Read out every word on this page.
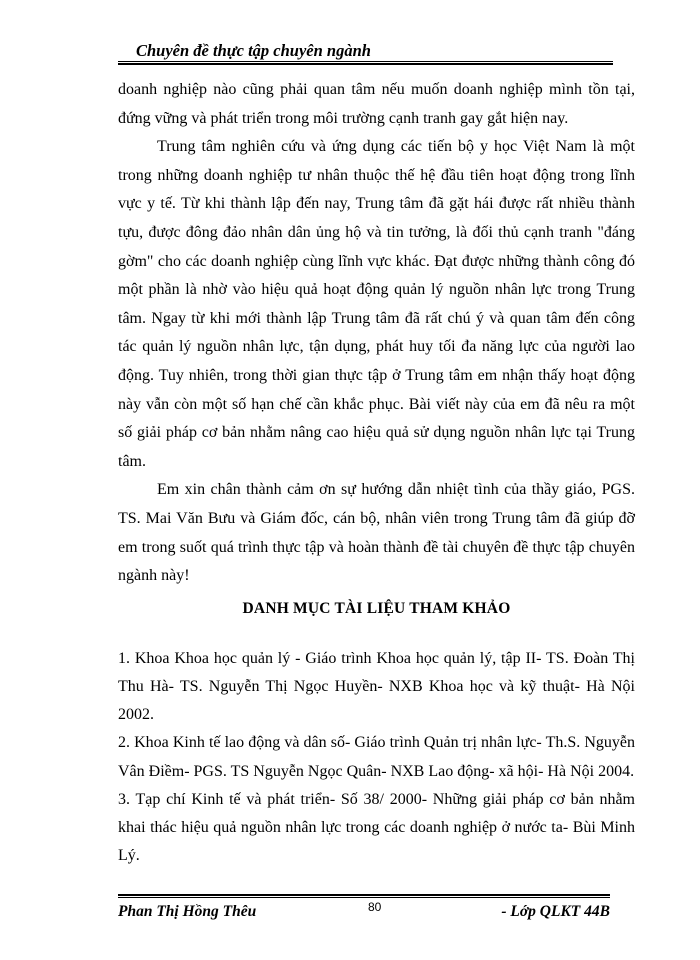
Chuyên đề thực tập chuyên ngành

doanh nghiệp nào cũng phải quan tâm nếu muốn doanh nghiệp mình tồn tại, đứng vững và phát triển trong môi trường cạnh tranh gay gắt hiện nay.

Trung tâm nghiên cứu và ứng dụng các tiến bộ y học Việt Nam là một trong những doanh nghiệp tư nhân thuộc thế hệ đầu tiên hoạt động trong lĩnh vực y tế. Từ khi thành lập đến nay, Trung tâm đã gặt hái được rất nhiều thành tựu, được đông đảo nhân dân ủng hộ và tin tưởng, là đối thủ cạnh tranh "đáng gờm" cho các doanh nghiệp cùng lĩnh vực khác. Đạt được những thành công đó một phần là nhờ vào hiệu quả hoạt động quản lý nguồn nhân lực trong Trung tâm. Ngay từ khi mới thành lập Trung tâm đã rất chú ý và quan tâm đến công tác quản lý nguồn nhân lực, tận dụng, phát huy tối đa năng lực của người lao động. Tuy nhiên, trong thời gian thực tập ở Trung tâm em nhận thấy hoạt động này vẫn còn một số hạn chế cần khắc phục. Bài viết này của em đã nêu ra một số giải pháp cơ bản nhằm nâng cao hiệu quả sử dụng nguồn nhân lực tại Trung tâm.

Em xin chân thành cảm ơn sự hướng dẫn nhiệt tình của thầy giáo, PGS. TS. Mai Văn Bưu và Giám đốc, cán bộ, nhân viên trong Trung tâm đã giúp đỡ em trong suốt quá trình thực tập và hoàn thành đề tài chuyên đề thực tập chuyên ngành này!

DANH MỤC TÀI LIỆU THAM KHẢO

1. Khoa Khoa học quản lý - Giáo trình Khoa học quản lý, tập II- TS. Đoàn Thị Thu Hà- TS. Nguyễn Thị Ngọc Huyền- NXB Khoa học và kỹ thuật- Hà Nội 2002.

2. Khoa Kinh tế lao động và dân số- Giáo trình Quản trị nhân lực- Th.S. Nguyễn Vân Điềm- PGS. TS Nguyễn Ngọc Quân- NXB Lao động- xã hội- Hà Nội 2004.

3. Tạp chí Kinh tế và phát triển- Số 38/ 2000- Những giải pháp cơ bản nhằm khai thác hiệu quả nguồn nhân lực trong các doanh nghiệp ở nước ta- Bùi Minh Lý.

Phan Thị Hồng Thêu	80	- Lớp QLKT 44B
